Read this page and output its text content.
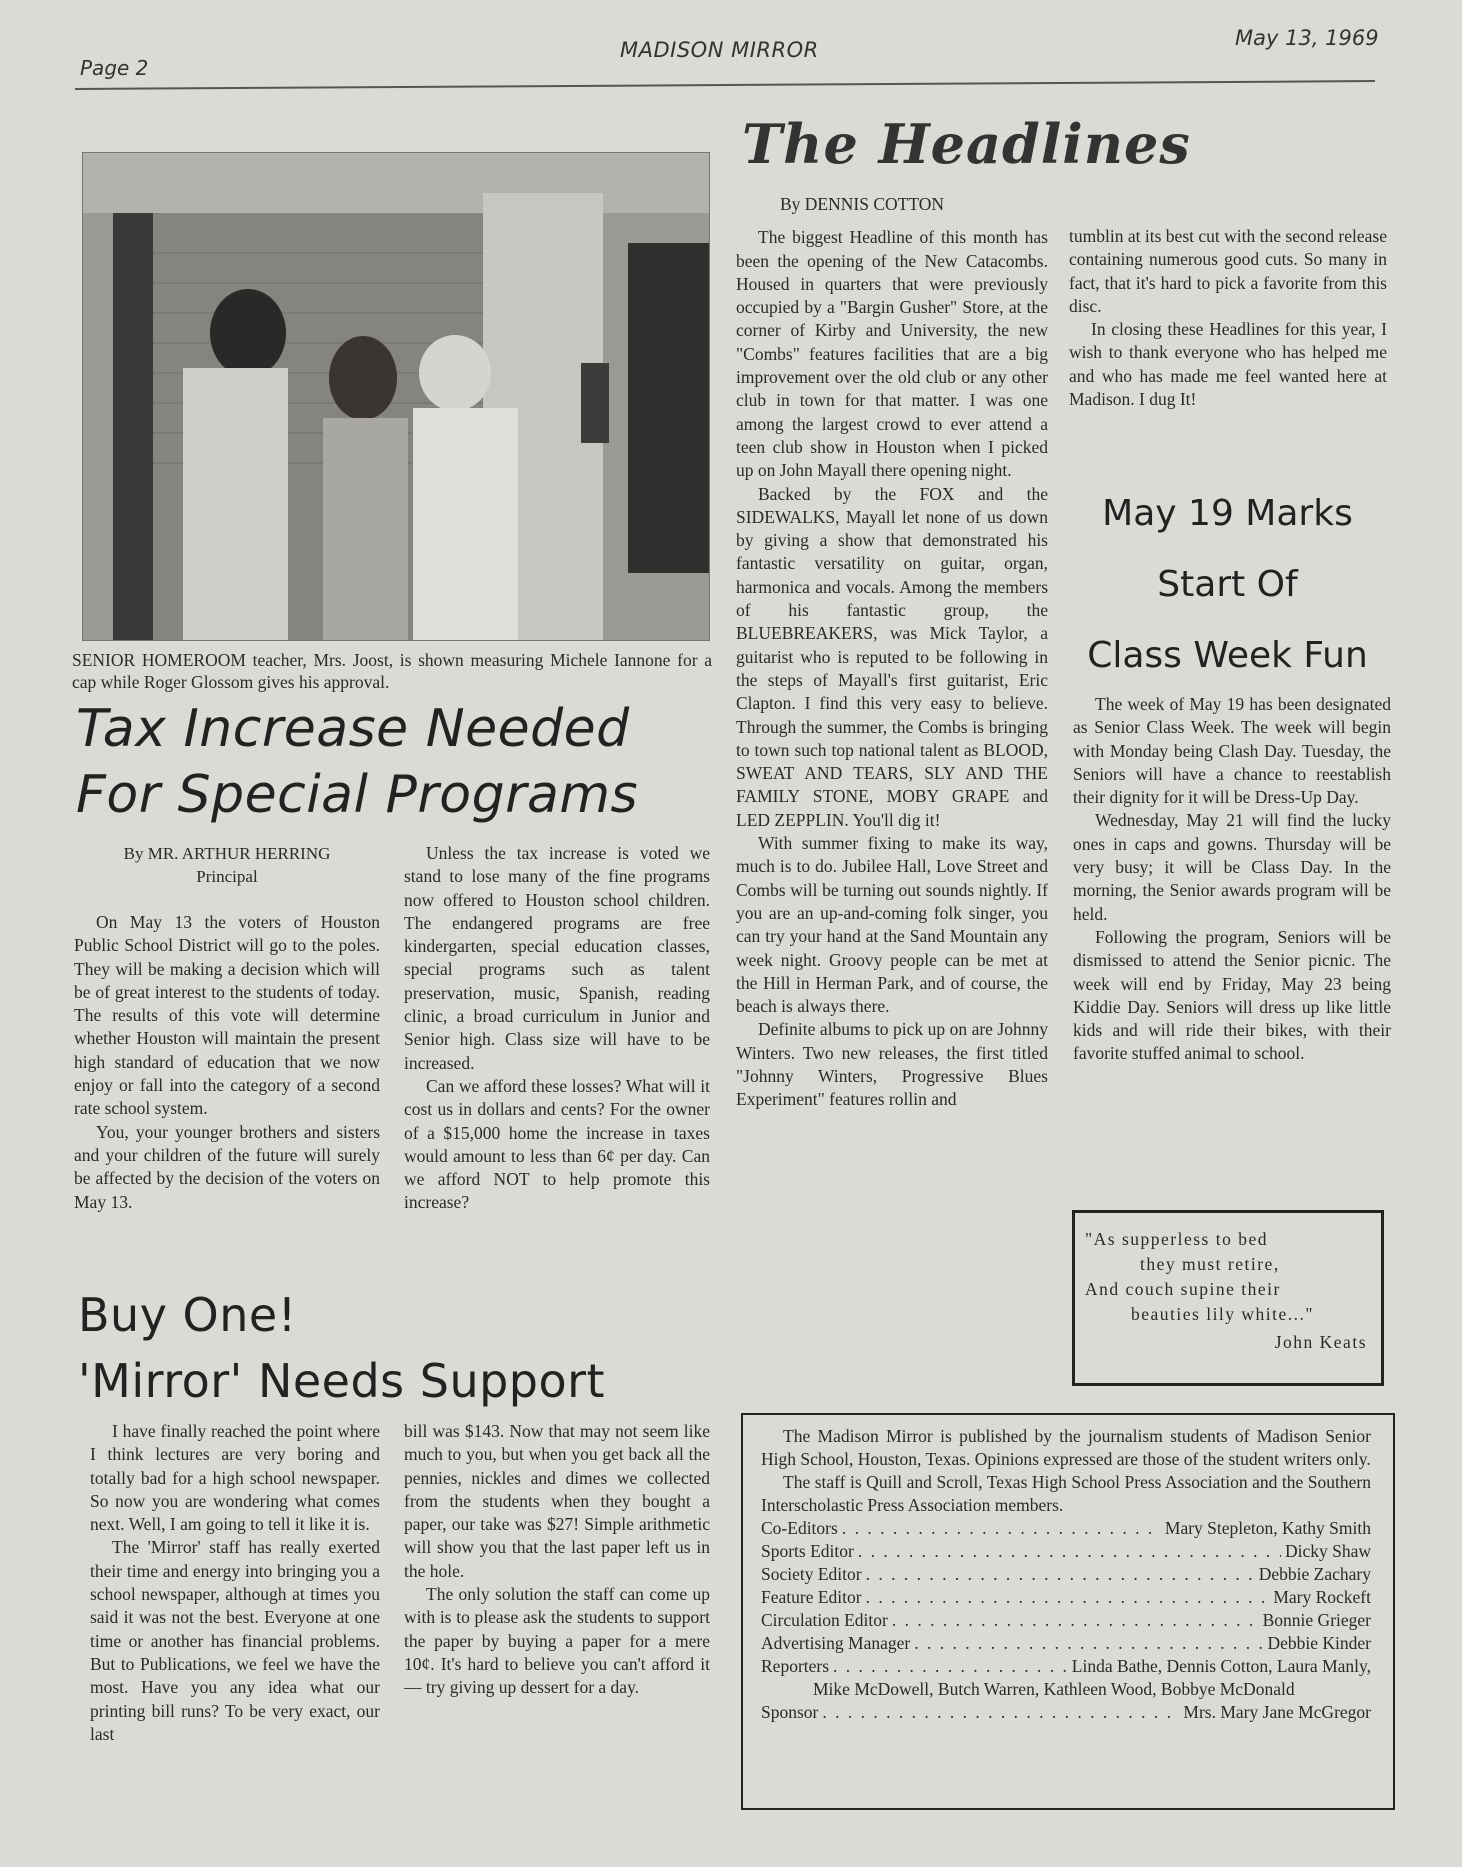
Page 2
MADISON MIRROR	May 13, 1969
SENIOR HOMEROOM teacher, Mrs. Joost, is shown measuring Michele Iannone for a cap while Roger Glossom gives his approval.
Tax Increase Needed
For Special Programs
By MR. ARTHUR HERRING
Principal

On May 13 the voters of Houston Public School District will go to the poles. They will be making a decision which will be of great interest to the students of today. The results of this vote will determine whether Houston will maintain the present high standard of education that we now enjoy or fall into the category of a second rate school system.

You, your younger brothers and sisters and your children of the future will surely be affected by the decision of the voters on May 13.

Unless the tax increase is voted we stand to lose many of the fine programs now offered to Houston school children. The endangered programs are free kindergarten, special education classes, special programs such as talent preservation, music, Spanish, reading clinic, a broad curriculum in Junior and Senior high. Class size will have to be increased.

Can we afford these losses? What will it cost us in dollars and cents? For the owner of a $15,000 home the increase in taxes would amount to less than 6¢ per day. Can we afford NOT to help promote this increase?

Buy One!
'Mirror' Needs Support

I have finally reached the point where I think lectures are very boring and totally bad for a high school newspaper. So now you are wondering what comes next. Well, I am going to tell it like it is.

The 'Mirror' staff has really exerted their time and energy into bringing you a school newspaper, although at times you said it was not the best. Everyone at one time or another has financial problems. But to Publications, we feel we have the most. Have you any idea what our printing bill runs? To be very exact, our last

bill was $143. Now that may not seem like much to you, but when you get back all the pennies, nickles and dimes we collected from the students when they bought a paper, our take was $27! Simple arithmetic will show you that the last paper left us in the hole.

The only solution the staff can come up with is to please ask the students to support the paper by buying a paper for a mere 10¢. It's hard to believe you can't afford it — try giving up dessert for a day.

The Headlines
By DENNIS COTTON

The biggest Headline of this month has been the opening of the New Catacombs. Housed in quarters that were previously occupied by a "Bargin Gusher" Store, at the corner of Kirby and University, the new "Combs" features facilities that are a big improvement over the old club or any other club in town for that matter. I was one among the largest crowd to ever attend a teen club show in Houston when I picked up on John Mayall there opening night.

Backed by the FOX and the SIDEWALKS, Mayall let none of us down by giving a show that demonstrated his fantastic versatility on guitar, organ, harmonica and vocals. Among the members of his fantastic group, the BLUEBREAKERS, was Mick Taylor, a guitarist who is reputed to be following in the steps of Mayall's first guitarist, Eric Clapton. I find this very easy to believe. Through the summer, the Combs is bringing to town such top national talent as BLOOD, SWEAT AND TEARS, SLY AND THE FAMILY STONE, MOBY GRAPE and LED ZEPPLIN. You'll dig it!

With summer fixing to make its way, much is to do. Jubilee Hall, Love Street and Combs will be turning out sounds nightly. If you are an up-and-coming folk singer, you can try your hand at the Sand Mountain any week night. Groovy people can be met at the Hill in Herman Park, and of course, the beach is always there.

Definite albums to pick up on are Johnny Winters. Two new releases, the first titled "Johnny Winters, Progressive Blues Experiment" features rollin and

tumblin at its best cut with the second release containing numerous good cuts. So many in fact, that it's hard to pick a favorite from this disc.

In closing these Headlines for this year, I wish to thank everyone who has helped me and who has made me feel wanted here at Madison. I dug It!

May 19 Marks
Start Of
Class Week Fun

The week of May 19 has been designated as Senior Class Week. The week will begin with Monday being Clash Day. Tuesday, the Seniors will have a chance to reestablish their dignity for it will be Dress-Up Day.

Wednesday, May 21 will find the lucky ones in caps and gowns. Thursday will be very busy; it will be Class Day. In the morning, the Senior awards program will be held.

Following the program, Seniors will be dismissed to attend the Senior picnic. The week will end by Friday, May 23 being Kiddie Day. Seniors will dress up like little kids and will ride their bikes, with their favorite stuffed animal to school.

"As supperless to bed
they must retire,
And couch supine their
beauties lily white..."
John Keats

The Madison Mirror is published by the journalism students of Madison Senior High School, Houston, Texas. Opinions expressed are those of the student writers only.

The staff is Quill and Scroll, Texas High School Press Association and the Southern Interscholastic Press Association members.

Co-Editors . . .	Mary Stepleton, Kathy Smith
Sports Editor . . .	Dicky Shaw
Society Editor . . .	Debbie Zachary
Feature Editor . . .	Mary Rockeft
Circulation Editor . . .	Bonnie Grieger
Advertising Manager . . .	Debbie Kinder
Reporters . . .	Linda Bathe, Dennis Cotton, Laura Manly,
Mike McDowell, Butch Warren, Kathleen Wood, Bobbye McDonald
Sponsor . . .	Mrs. Mary Jane McGregor
